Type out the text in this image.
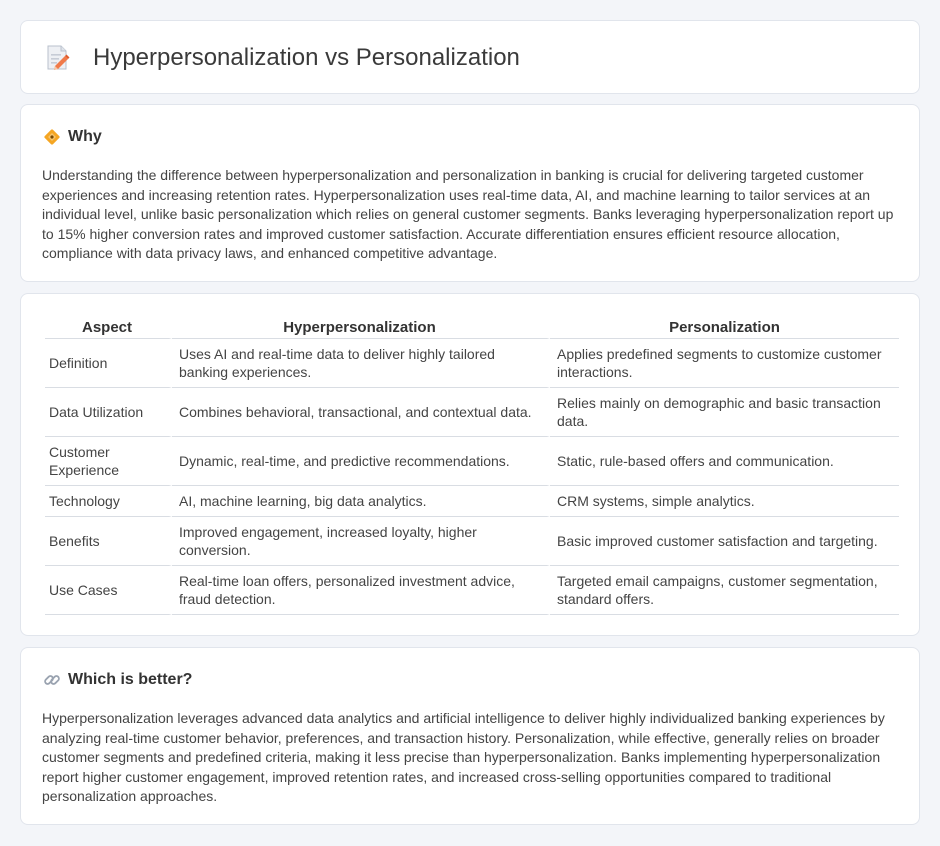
Hyperpersonalization vs Personalization
Why

Understanding the difference between hyperpersonalization and personalization in banking is crucial for delivering targeted customer experiences and increasing retention rates. Hyperpersonalization uses real-time data, AI, and machine learning to tailor services at an individual level, unlike basic personalization which relies on general customer segments. Banks leveraging hyperpersonalization report up to 15% higher conversion rates and improved customer satisfaction. Accurate differentiation ensures efficient resource allocation, compliance with data privacy laws, and enhanced competitive advantage.

Aspect	Hyperpersonalization	Personalization
Definition	Uses AI and real-time data to deliver highly tailored banking experiences.	Applies predefined segments to customize customer interactions.
Data Utilization	Combines behavioral, transactional, and contextual data.	Relies mainly on demographic and basic transaction data.
Customer Experience	Dynamic, real-time, and predictive recommendations.	Static, rule-based offers and communication.
Technology	AI, machine learning, big data analytics.	CRM systems, simple analytics.
Benefits	Improved engagement, increased loyalty, higher conversion.	Basic improved customer satisfaction and targeting.
Use Cases	Real-time loan offers, personalized investment advice, fraud detection.	Targeted email campaigns, customer segmentation, standard offers.
Which is better?

Hyperpersonalization leverages advanced data analytics and artificial intelligence to deliver highly individualized banking experiences by analyzing real-time customer behavior, preferences, and transaction history. Personalization, while effective, generally relies on broader customer segments and predefined criteria, making it less precise than hyperpersonalization. Banks implementing hyperpersonalization report higher customer engagement, improved retention rates, and increased cross-selling opportunities compared to traditional personalization approaches.
